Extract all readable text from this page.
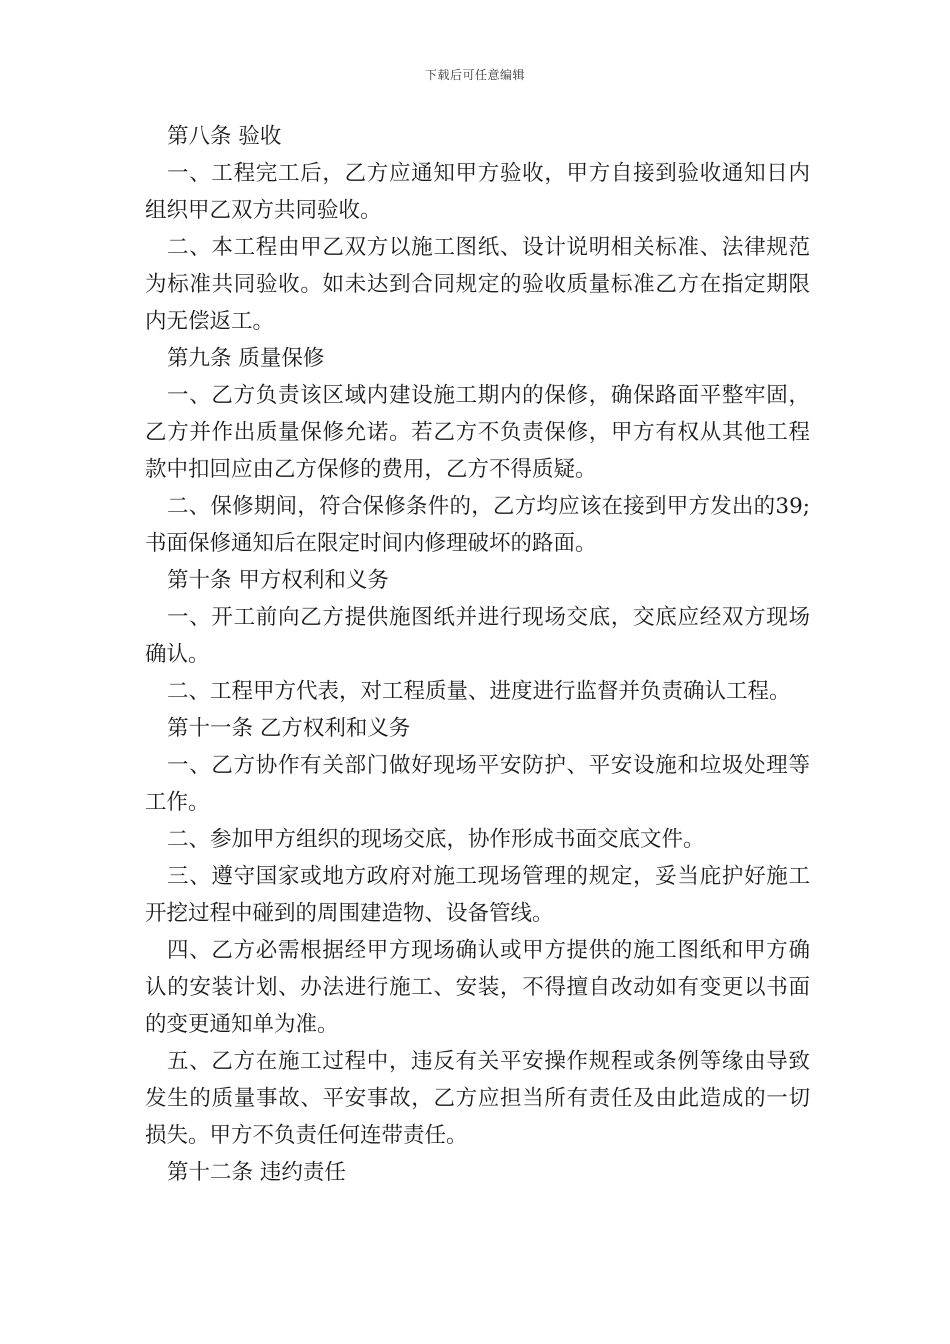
下载后可任意编辑

第八条 验收

一、工程完工后，乙方应通知甲方验收，甲方自接到验收通知日内组织甲乙双方共同验收。

二、本工程由甲乙双方以施工图纸、设计说明相关标准、法律规范为标准共同验收。如未达到合同规定的验收质量标准乙方在指定期限内无偿返工。

第九条 质量保修

一、乙方负责该区域内建设施工期内的保修，确保路面平整牢固，乙方并作出质量保修允诺。若乙方不负责保修，甲方有权从其他工程款中扣回应由乙方保修的费用，乙方不得质疑。

二、保修期间，符合保修条件的，乙方均应该在接到甲方发出的39;书面保修通知后在限定时间内修理破坏的路面。

第十条 甲方权利和义务

一、开工前向乙方提供施图纸并进行现场交底，交底应经双方现场确认。

二、工程甲方代表，对工程质量、进度进行监督并负责确认工程。

第十一条 乙方权利和义务

一、乙方协作有关部门做好现场平安防护、平安设施和垃圾处理等工作。

二、参加甲方组织的现场交底，协作形成书面交底文件。

三、遵守国家或地方政府对施工现场管理的规定，妥当庇护好施工开挖过程中碰到的周围建造物、设备管线。

四、乙方必需根据经甲方现场确认或甲方提供的施工图纸和甲方确认的安装计划、办法进行施工、安装，不得擅自改动如有变更以书面的变更通知单为准。

五、乙方在施工过程中，违反有关平安操作规程或条例等缘由导致发生的质量事故、平安事故，乙方应担当所有责任及由此造成的一切损失。甲方不负责任何连带责任。

第十二条 违约责任
